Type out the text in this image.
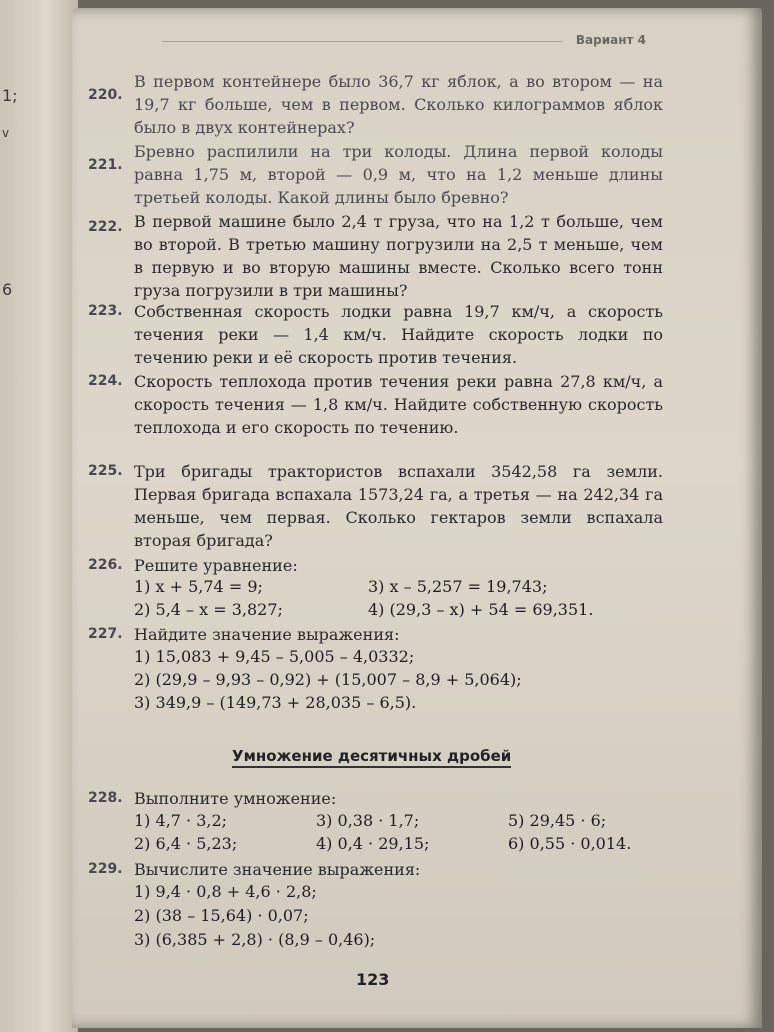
1;
v
6
Вариант 4
220.
В первом контейнере было 36,7 кг яблок, а во втором — на 19,7 кг больше, чем в первом. Сколько килограммов яблок было в двух контейнерах?
221.
Бревно распилили на три колоды. Длина первой колоды равна 1,75 м, второй — 0,9 м, что на 1,2 меньше длины третьей колоды. Какой длины было бревно?
222. В первой машине было 2,4 т груза, что на 1,2 т больше, чем во второй. В третью машину погрузили на 2,5 т меньше, чем в первую и во вторую машины вместе. Сколько всего тонн груза погрузили в три машины?
223. Собственная скорость лодки равна 19,7 км/ч, а скорость течения реки — 1,4 км/ч. Найдите скорость лодки по течению реки и её скорость против течения.
224. Скорость теплохода против течения реки равна 27,8 км/ч, а скорость течения — 1,8 км/ч. Найдите собственную скорость теплохода и его скорость по течению.
225. Три бригады трактористов вспахали 3542,58 га земли. Первая бригада вспахала 1573,24 га, а третья — на 242,34 га меньше, чем первая. Сколько гектаров земли вспахала вторая бригада?
226. Решите уравнение:
1) x + 5,74 = 9;	3) x – 5,257 = 19,743;
2) 5,4 – x = 3,827;	4) (29,3 – x) + 54 = 69,351.
227. Найдите значение выражения:
1) 15,083 + 9,45 – 5,005 – 4,0332;
2) (29,9 – 9,93 – 0,92) + (15,007 – 8,9 + 5,064);
3) 349,9 – (149,73 + 28,035 – 6,5).
Умножение десятичных дробей
228. Выполните умножение:
1) 4,7 · 3,2;	3) 0,38 · 1,7;	5) 29,45 · 6;
2) 6,4 · 5,23;	4) 0,4 · 29,15;	6) 0,55 · 0,014.
229. Вычислите значение выражения:
1) 9,4 · 0,8 + 4,6 · 2,8;
2) (38 – 15,64) · 0,07;
3) (6,385 + 2,8) · (8,9 – 0,46);
123
